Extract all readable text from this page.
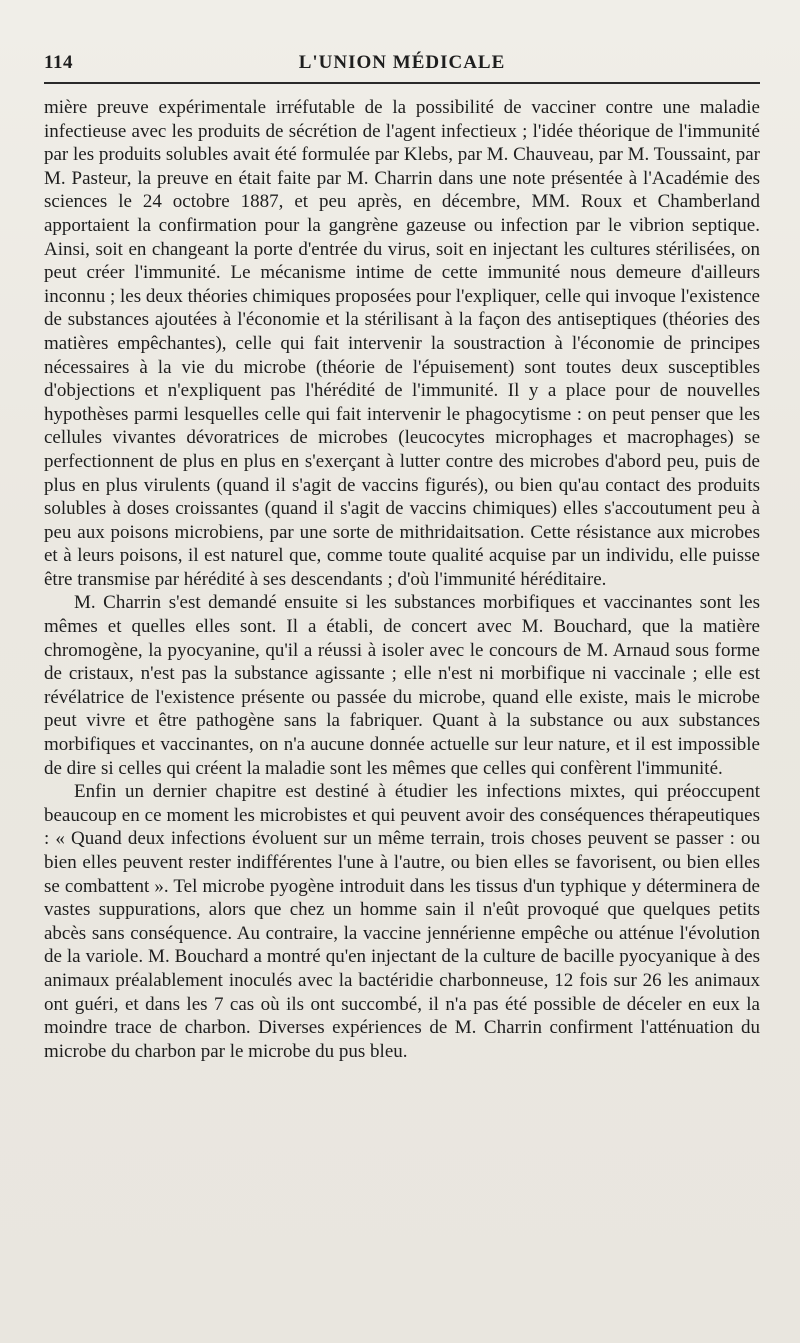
114	L'UNION MÉDICALE

mière preuve expérimentale irréfutable de la possibilité de vacciner contre une maladie infectieuse avec les produits de sécrétion de l'agent infectieux ; l'idée théorique de l'immunité par les produits solubles avait été formulée par Klebs, par M. Chauveau, par M. Toussaint, par M. Pasteur, la preuve en était faite par M. Charrin dans une note présentée à l'Académie des sciences le 24 octobre 1887, et peu après, en décembre, MM. Roux et Chamberland apportaient la confirmation pour la gangrène gazeuse ou infection par le vibrion septique. Ainsi, soit en changeant la porte d'entrée du virus, soit en injectant les cultures stérilisées, on peut créer l'immunité. Le mécanisme intime de cette immunité nous demeure d'ailleurs inconnu ; les deux théories chimiques proposées pour l'expliquer, celle qui invoque l'existence de substances ajoutées à l'économie et la stérilisant à la façon des antiseptiques (théories des matières empêchantes), celle qui fait intervenir la soustraction à l'économie de principes nécessaires à la vie du microbe (théorie de l'épuisement) sont toutes deux susceptibles d'objections et n'expliquent pas l'hérédité de l'immunité. Il y a place pour de nouvelles hypothèses parmi lesquelles celle qui fait intervenir le phagocytisme : on peut penser que les cellules vivantes dévoratrices de microbes (leucocytes microphages et macrophages) se perfectionnent de plus en plus en s'exerçant à lutter contre des microbes d'abord peu, puis de plus en plus virulents (quand il s'agit de vaccins figurés), ou bien qu'au contact des produits solubles à doses croissantes (quand il s'agit de vaccins chimiques) elles s'accoutument peu à peu aux poisons microbiens, par une sorte de mithridaitsation. Cette résistance aux microbes et à leurs poisons, il est naturel que, comme toute qualité acquise par un individu, elle puisse être transmise par hérédité à ses descendants ; d'où l'immunité héréditaire.

M. Charrin s'est demandé ensuite si les substances morbifiques et vaccinantes sont les mêmes et quelles elles sont. Il a établi, de concert avec M. Bouchard, que la matière chromogène, la pyocyanine, qu'il a réussi à isoler avec le concours de M. Arnaud sous forme de cristaux, n'est pas la substance agissante ; elle n'est ni morbifique ni vaccinale ; elle est révélatrice de l'existence présente ou passée du microbe, quand elle existe, mais le microbe peut vivre et être pathogène sans la fabriquer. Quant à la substance ou aux substances morbifiques et vaccinantes, on n'a aucune donnée actuelle sur leur nature, et il est impossible de dire si celles qui créent la maladie sont les mêmes que celles qui confèrent l'immunité.

Enfin un dernier chapitre est destiné à étudier les infections mixtes, qui préoccupent beaucoup en ce moment les microbistes et qui peuvent avoir des conséquences thérapeutiques : « Quand deux infections évoluent sur un même terrain, trois choses peuvent se passer : ou bien elles peuvent rester indifférentes l'une à l'autre, ou bien elles se favorisent, ou bien elles se combattent ». Tel microbe pyogène introduit dans les tissus d'un typhique y déterminera de vastes suppurations, alors que chez un homme sain il n'eût provoqué que quelques petits abcès sans conséquence. Au contraire, la vaccine jennérienne empêche ou atténue l'évolution de la variole. M. Bouchard a montré qu'en injectant de la culture de bacille pyocyanique à des animaux préalablement inoculés avec la bactéridie charbonneuse, 12 fois sur 26 les animaux ont guéri, et dans les 7 cas où ils ont succombé, il n'a pas été possible de déceler en eux la moindre trace de charbon. Diverses expériences de M. Charrin confirment l'atténuation du microbe du charbon par le microbe du pus bleu.
